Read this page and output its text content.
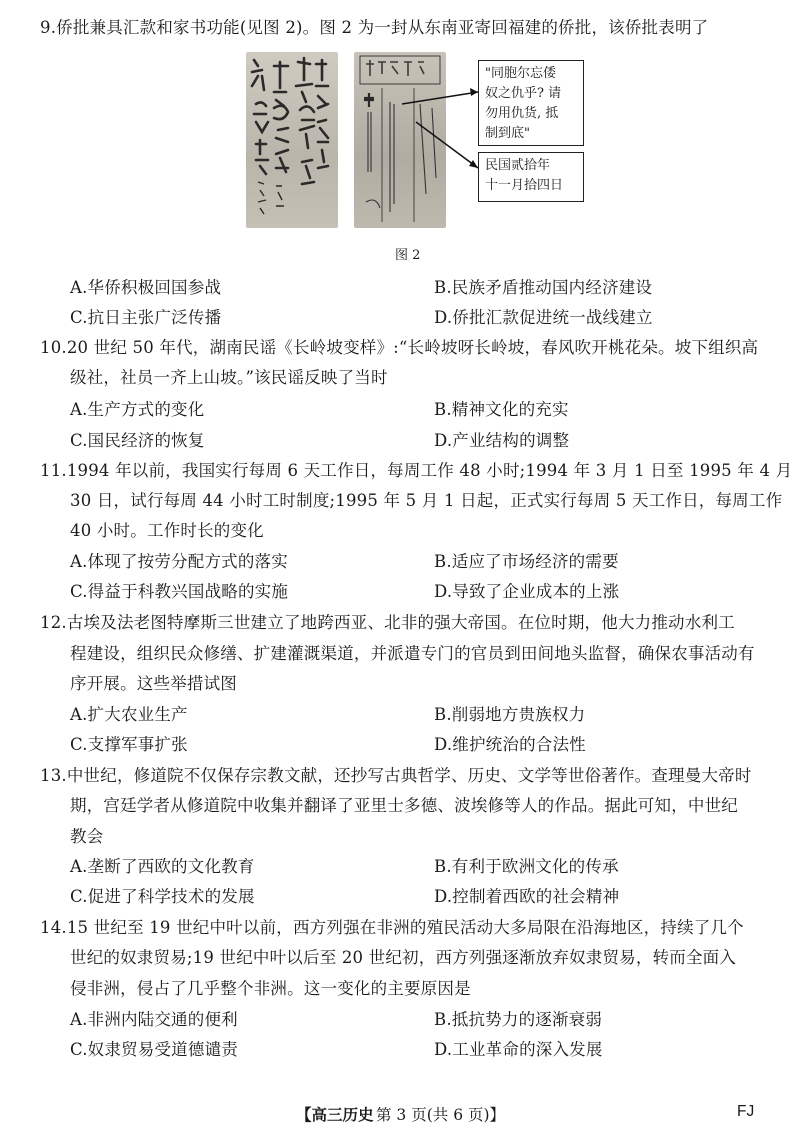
9.侨批兼具汇款和家书功能(见图 2)。图 2 为一封从东南亚寄回福建的侨批，该侨批表明了
"同胞尔忘倭
奴之仇乎? 请
勿用仇货, 抵
制到底"
民国贰拾年
十一月拾四日
图 2
A.华侨积极回国参战	B.民族矛盾推动国内经济建设
C.抗日主张广泛传播	D.侨批汇款促进统一战线建立
10.20 世纪 50 年代，湖南民谣《长岭坡变样》:“长岭坡呀长岭坡，春风吹开桃花朵。坡下组织高
级社，社员一齐上山坡。”该民谣反映了当时
A.生产方式的变化	B.精神文化的充实
C.国民经济的恢复	D.产业结构的调整
11.1994 年以前，我国实行每周 6 天工作日，每周工作 48 小时;1994 年 3 月 1 日至 1995 年 4 月
30 日，试行每周 44 小时工时制度;1995 年 5 月 1 日起，正式实行每周 5 天工作日，每周工作
40 小时。工作时长的变化
A.体现了按劳分配方式的落实	B.适应了市场经济的需要
C.得益于科教兴国战略的实施	D.导致了企业成本的上涨
12.古埃及法老图特摩斯三世建立了地跨西亚、北非的强大帝国。在位时期，他大力推动水利工
程建设，组织民众修缮、扩建灌溉渠道，并派遣专门的官员到田间地头监督，确保农事活动有
序开展。这些举措试图
A.扩大农业生产	B.削弱地方贵族权力
C.支撑军事扩张	D.维护统治的合法性
13.中世纪，修道院不仅保存宗教文献，还抄写古典哲学、历史、文学等世俗著作。查理曼大帝时
期，宫廷学者从修道院中收集并翻译了亚里士多德、波埃修等人的作品。据此可知，中世纪
教会
A.垄断了西欧的文化教育	B.有利于欧洲文化的传承
C.促进了科学技术的发展	D.控制着西欧的社会精神
14.15 世纪至 19 世纪中叶以前，西方列强在非洲的殖民活动大多局限在沿海地区，持续了几个
世纪的奴隶贸易;19 世纪中叶以后至 20 世纪初，西方列强逐渐放弃奴隶贸易，转而全面入
侵非洲，侵占了几乎整个非洲。这一变化的主要原因是
A.非洲内陆交通的便利	B.抵抗势力的逐渐衰弱
C.奴隶贸易受道德谴责	D.工业革命的深入发展
【高三历史 第 3 页(共 6 页)】	FJ
